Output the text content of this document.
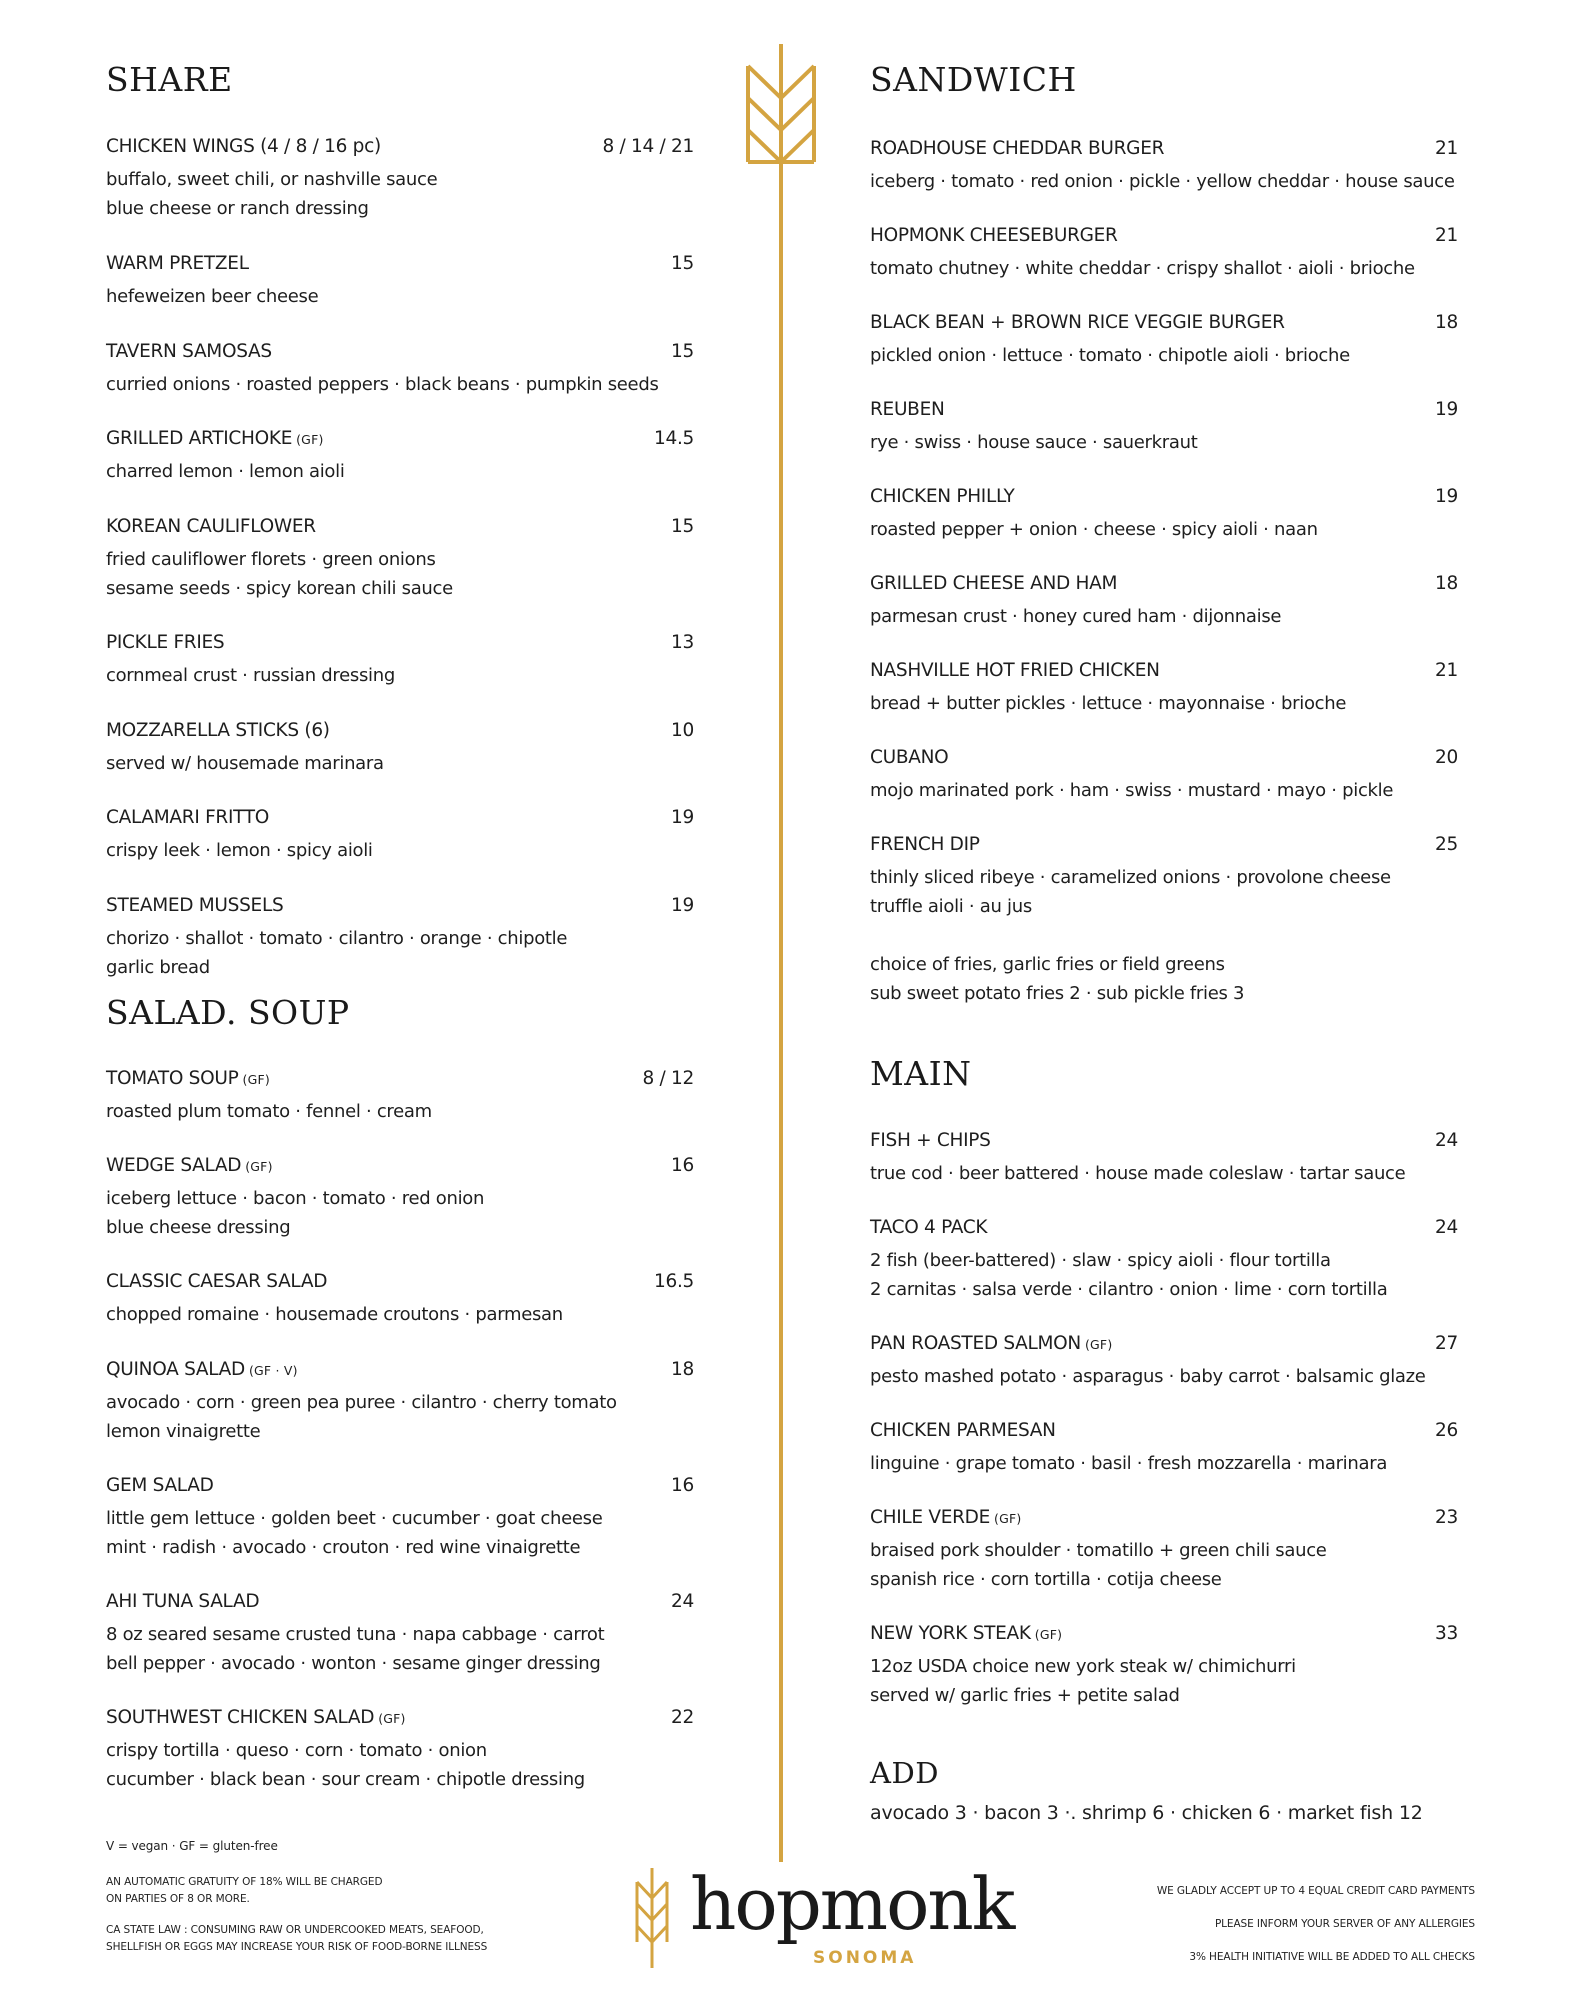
SHARE
CHICKEN WINGS (4 / 8 / 16 pc)	8 / 14 / 21
buffalo, sweet chili, or nashville sauce
blue cheese or ranch dressing
WARM PRETZEL	15
hefeweizen beer cheese
TAVERN SAMOSAS	15
curried onions · roasted peppers · black beans · pumpkin seeds
GRILLED ARTICHOKE (GF)	14.5
charred lemon · lemon aioli
KOREAN CAULIFLOWER	15
fried cauliflower florets · green onions
sesame seeds · spicy korean chili sauce
PICKLE FRIES	13
cornmeal crust · russian dressing
MOZZARELLA STICKS (6)	10
served w/ housemade marinara
CALAMARI FRITTO	19
crispy leek · lemon · spicy aioli
STEAMED MUSSELS	19
chorizo · shallot · tomato · cilantro · orange · chipotle
garlic bread
SALAD. SOUP
TOMATO SOUP (GF)	8 / 12
roasted plum tomato · fennel · cream
WEDGE SALAD (GF)	16
iceberg lettuce · bacon · tomato · red onion
blue cheese dressing
CLASSIC CAESAR SALAD	16.5
chopped romaine · housemade croutons · parmesan
QUINOA SALAD (GF · V)	18
avocado · corn · green pea puree · cilantro · cherry tomato
lemon vinaigrette
GEM SALAD	16
little gem lettuce · golden beet · cucumber · goat cheese
mint · radish · avocado · crouton · red wine vinaigrette
AHI TUNA SALAD	24
8 oz seared sesame crusted tuna · napa cabbage · carrot
bell pepper · avocado · wonton · sesame ginger dressing
SOUTHWEST CHICKEN SALAD (GF)	22
crispy tortilla · queso · corn · tomato · onion
cucumber · black bean · sour cream · chipotle dressing
V = vegan · GF = gluten-free
AN AUTOMATIC GRATUITY OF 18% WILL BE CHARGED
ON PARTIES OF 8 OR MORE.
CA STATE LAW : CONSUMING RAW OR UNDERCOOKED MEATS, SEAFOOD,
SHELLFISH OR EGGS MAY INCREASE YOUR RISK OF FOOD-BORNE ILLNESS
SANDWICH
ROADHOUSE CHEDDAR BURGER	21
iceberg · tomato · red onion · pickle · yellow cheddar · house sauce
HOPMONK CHEESEBURGER	21
tomato chutney · white cheddar · crispy shallot · aioli · brioche
BLACK BEAN + BROWN RICE VEGGIE BURGER	18
pickled onion · lettuce · tomato · chipotle aioli · brioche
REUBEN	19
rye · swiss · house sauce · sauerkraut
CHICKEN PHILLY	19
roasted pepper + onion · cheese · spicy aioli · naan
GRILLED CHEESE AND HAM	18
parmesan crust · honey cured ham · dijonnaise
NASHVILLE HOT FRIED CHICKEN	21
bread + butter pickles · lettuce · mayonnaise · brioche
CUBANO	20
mojo marinated pork · ham · swiss · mustard · mayo · pickle
FRENCH DIP	25
thinly sliced ribeye · caramelized onions · provolone cheese
truffle aioli · au jus
choice of fries, garlic fries or field greens
sub sweet potato fries 2 · sub pickle fries 3
MAIN
FISH + CHIPS	24
true cod · beer battered · house made coleslaw · tartar sauce
TACO 4 PACK	24
2 fish (beer-battered) · slaw · spicy aioli · flour tortilla
2 carnitas · salsa verde · cilantro · onion · lime · corn tortilla
PAN ROASTED SALMON (GF)	27
pesto mashed potato · asparagus · baby carrot · balsamic glaze
CHICKEN PARMESAN	26
linguine · grape tomato · basil · fresh mozzarella · marinara
CHILE VERDE (GF)	23
braised pork shoulder · tomatillo + green chili sauce
spanish rice · corn tortilla · cotija cheese
NEW YORK STEAK (GF)	33
12oz USDA choice new york steak w/ chimichurri
served w/ garlic fries + petite salad
ADD
avocado 3 · bacon 3 ·. shrimp 6 · chicken 6 · market fish 12
WE GLADLY ACCEPT UP TO 4 EQUAL CREDIT CARD PAYMENTS
PLEASE INFORM YOUR SERVER OF ANY ALLERGIES
3% HEALTH INITIATIVE WILL BE ADDED TO ALL CHECKS
hopmonk
SONOMA
